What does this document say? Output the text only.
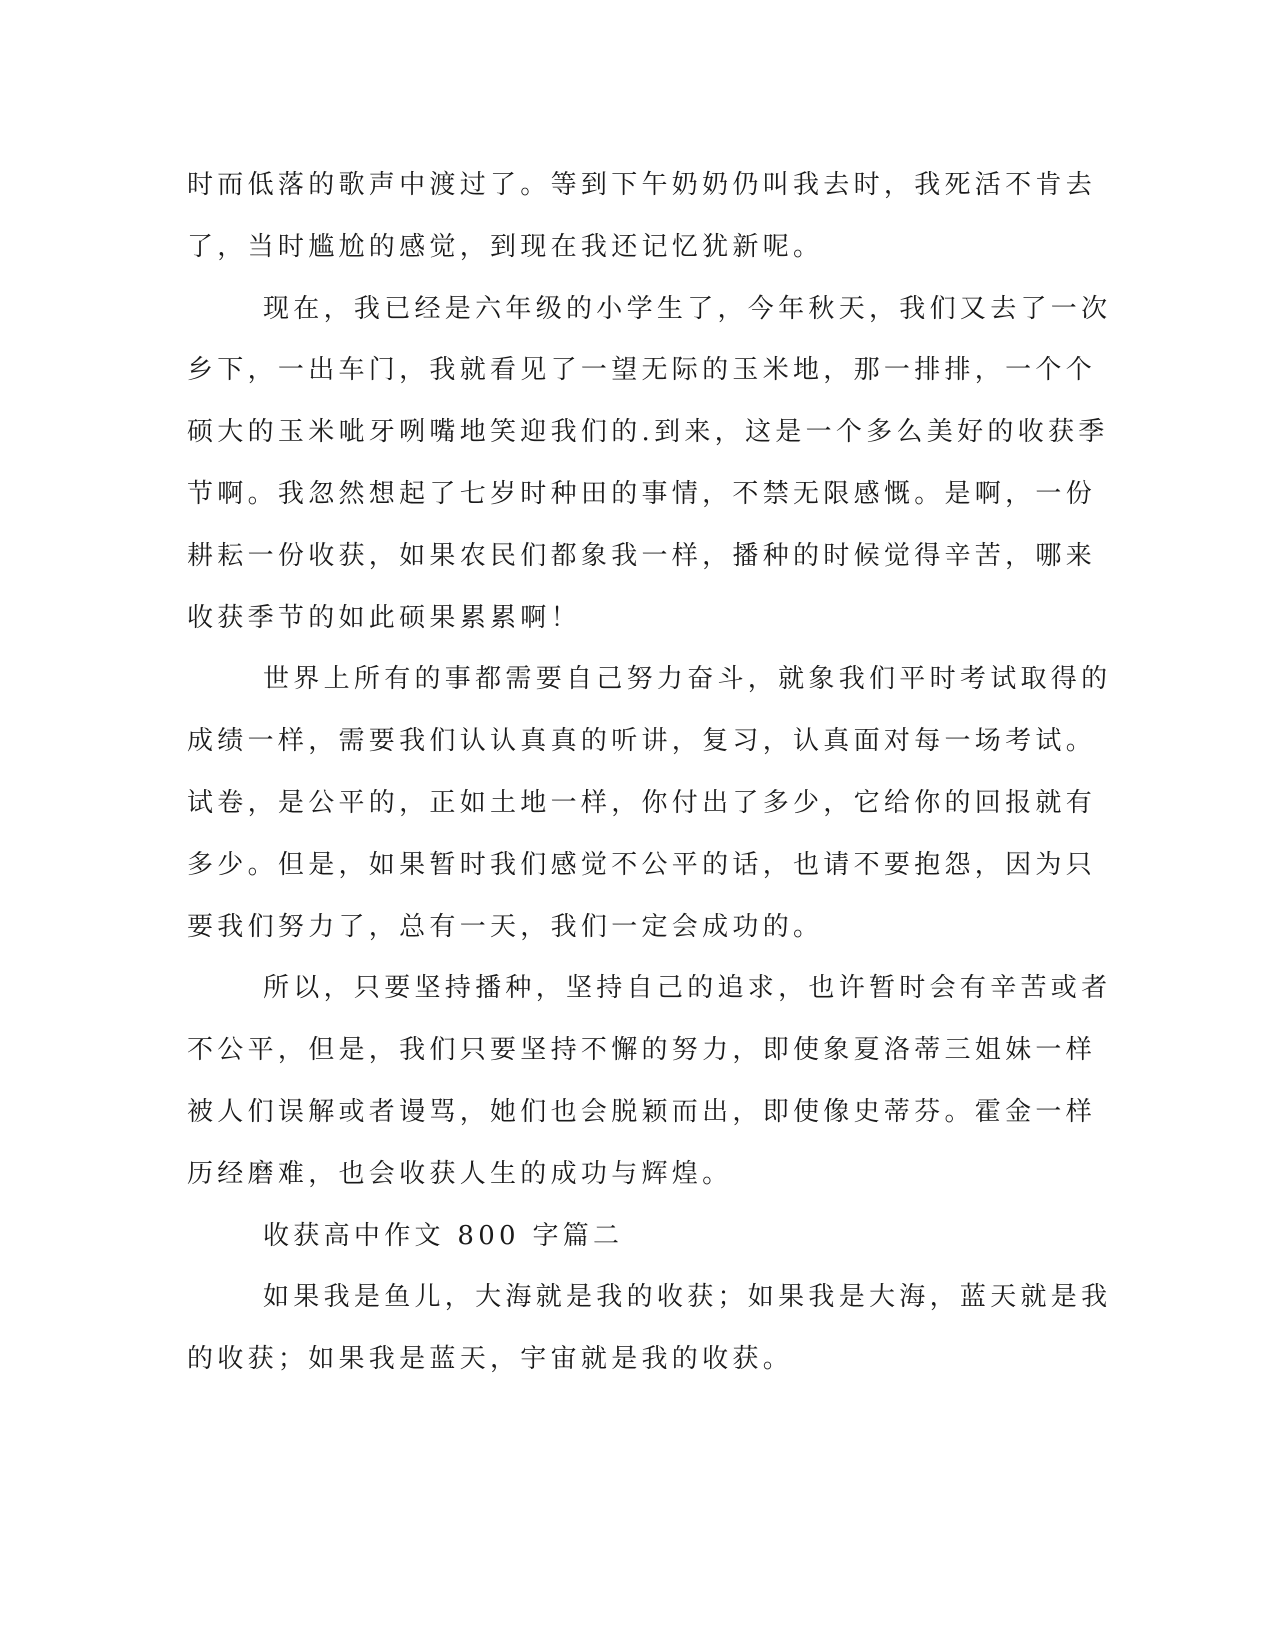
时而低落的歌声中渡过了。等到下午奶奶仍叫我去时，我死活不肯去
了，当时尴尬的感觉，到现在我还记忆犹新呢。
现在，我已经是六年级的小学生了，今年秋天，我们又去了一次
乡下，一出车门，我就看见了一望无际的玉米地，那一排排，一个个
硕大的玉米呲牙咧嘴地笑迎我们的.到来，这是一个多么美好的收获季
节啊。我忽然想起了七岁时种田的事情，不禁无限感慨。是啊，一份
耕耘一份收获，如果农民们都象我一样，播种的时候觉得辛苦，哪来
收获季节的如此硕果累累啊！
世界上所有的事都需要自己努力奋斗，就象我们平时考试取得的
成绩一样，需要我们认认真真的听讲，复习，认真面对每一场考试。
试卷，是公平的，正如土地一样，你付出了多少，它给你的回报就有
多少。但是，如果暂时我们感觉不公平的话，也请不要抱怨，因为只
要我们努力了，总有一天，我们一定会成功的。
所以，只要坚持播种，坚持自己的追求，也许暂时会有辛苦或者
不公平，但是，我们只要坚持不懈的努力，即使象夏洛蒂三姐妹一样
被人们误解或者谩骂，她们也会脱颖而出，即使像史蒂芬。霍金一样
历经磨难，也会收获人生的成功与辉煌。
收获高中作文 800 字篇二
如果我是鱼儿，大海就是我的收获；如果我是大海，蓝天就是我
的收获；如果我是蓝天，宇宙就是我的收获。
